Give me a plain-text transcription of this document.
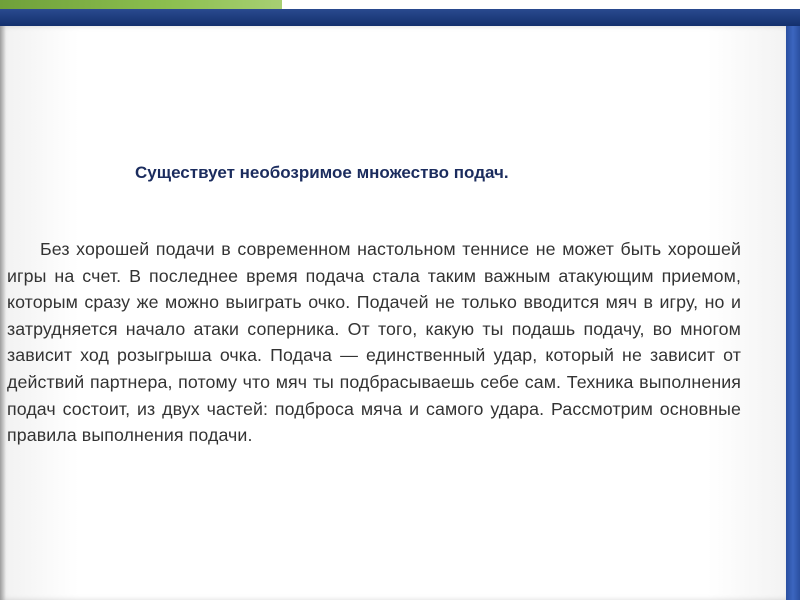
Существует необозримое множество подач.

Без хорошей подачи в современном настольном теннисе не может быть хорошей игры на счет. В последнее время подача стала таким важным атакующим приемом, которым сразу же можно выиграть очко. Подачей не только вводится мяч в игру, но и затрудняется начало атаки соперника. От того, какую ты подашь подачу, во многом зависит ход розыгрыша очка. Подача — единственный удар, который не зависит от действий партнера, потому что мяч ты подбрасываешь себе сам. Техника выполнения подач состоит, из двух частей: подброса мяча и самого удара. Рассмотрим основные правила выполнения подачи.
